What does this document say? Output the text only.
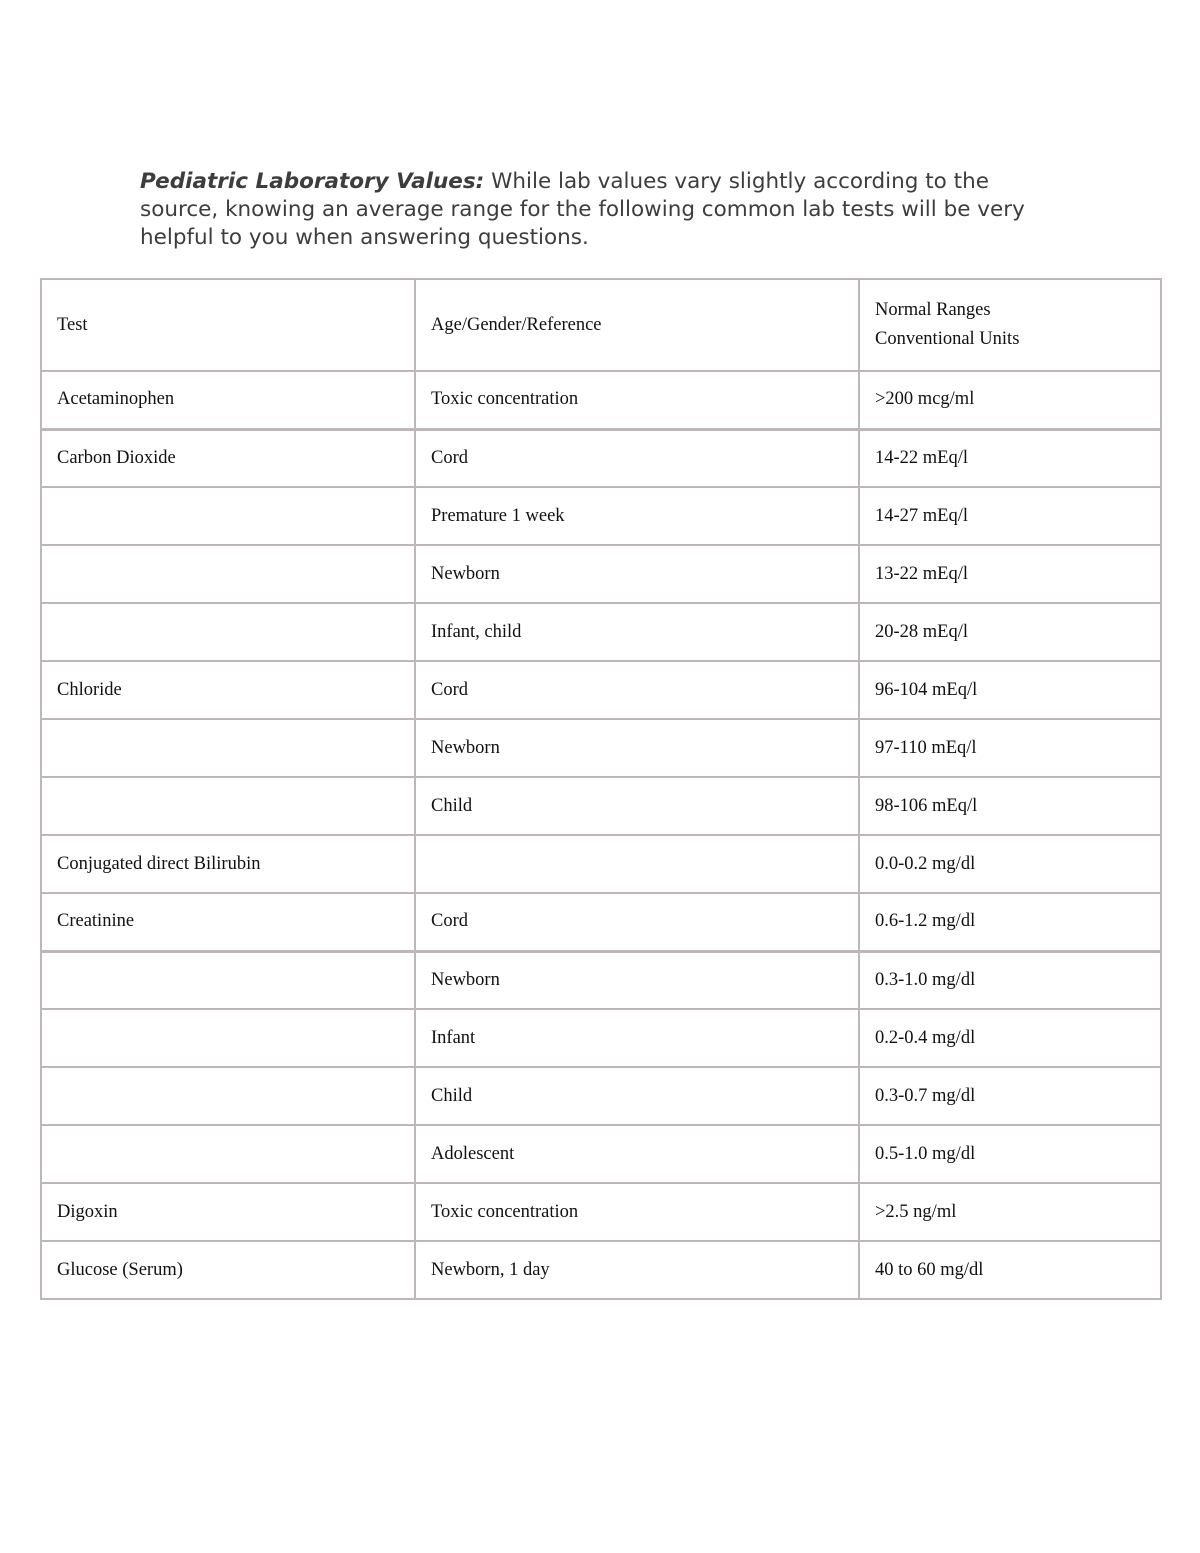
Pediatric Laboratory Values: While lab values vary slightly according to the source, knowing an average range for the following common lab tests will be very helpful to you when answering questions.
Test	Age/Gender/Reference	Normal Ranges
Conventional Units

Acetaminophen	Toxic concentration	>200 mcg/ml
Carbon Dioxide	Cord	14-22 mEq/l
	Premature 1 week	14-27 mEq/l
	Newborn	13-22 mEq/l
	Infant, child	20-28 mEq/l
Chloride	Cord	96-104 mEq/l
	Newborn	97-110 mEq/l
	Child	98-106 mEq/l
Conjugated direct Bilirubin		0.0-0.2 mg/dl
Creatinine	Cord	0.6-1.2 mg/dl
	Newborn	0.3-1.0 mg/dl
	Infant	0.2-0.4 mg/dl
	Child	0.3-0.7 mg/dl
	Adolescent	0.5-1.0 mg/dl
Digoxin	Toxic concentration	>2.5 ng/ml
Glucose (Serum)	Newborn, 1 day	40 to 60 mg/dl
